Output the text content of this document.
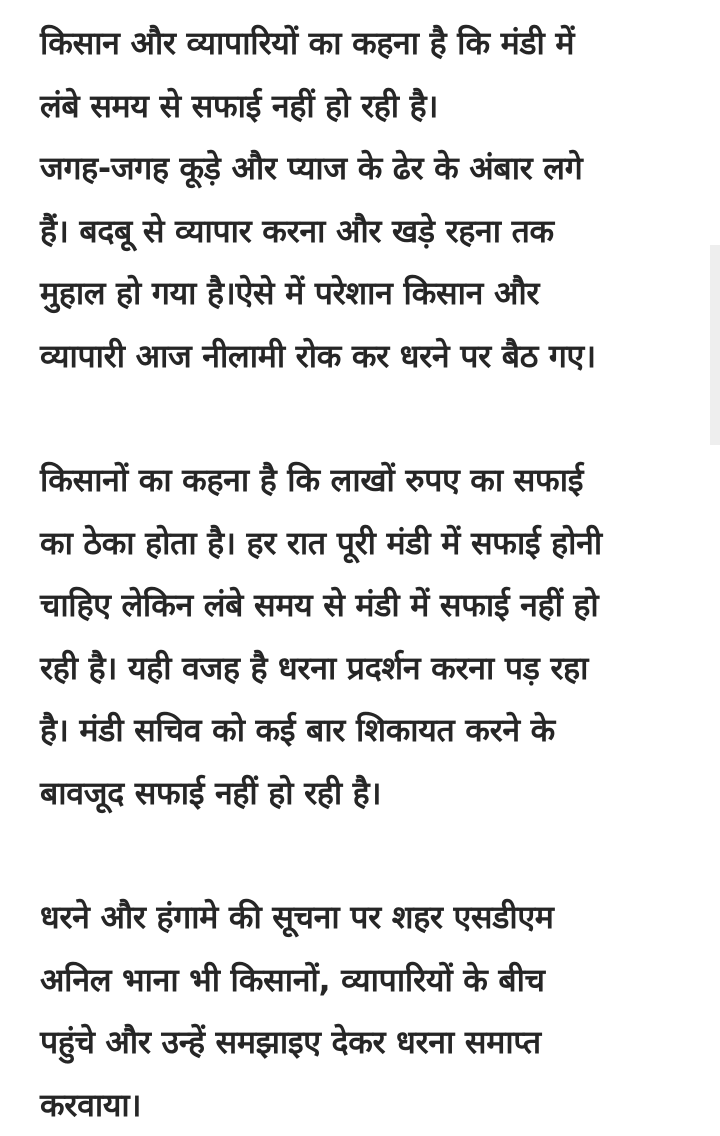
किसान और व्यापारियों का कहना है कि मंडी में
लंबे समय से सफाई नहीं हो रही है।
जगह-जगह कूड़े और प्याज के ढेर के अंबार लगे
हैं। बदबू से व्यापार करना और खड़े रहना तक
मुहाल हो गया है।ऐसे में परेशान किसान और
व्यापारी आज नीलामी रोक कर धरने पर बैठ गए।

किसानों का कहना है कि लाखों रुपए का सफाई
का ठेका होता है। हर रात पूरी मंडी में सफाई होनी
चाहिए लेकिन लंबे समय से मंडी में सफाई नहीं हो
रही है। यही वजह है धरना प्रदर्शन करना पड़ रहा
है। मंडी सचिव को कई बार शिकायत करने के
बावजूद सफाई नहीं हो रही है।

धरने और हंगामे की सूचना पर शहर एसडीएम
अनिल भाना भी किसानों, व्यापारियों के बीच
पहुंचे और उन्हें समझाइए देकर धरना समाप्त
करवाया।
